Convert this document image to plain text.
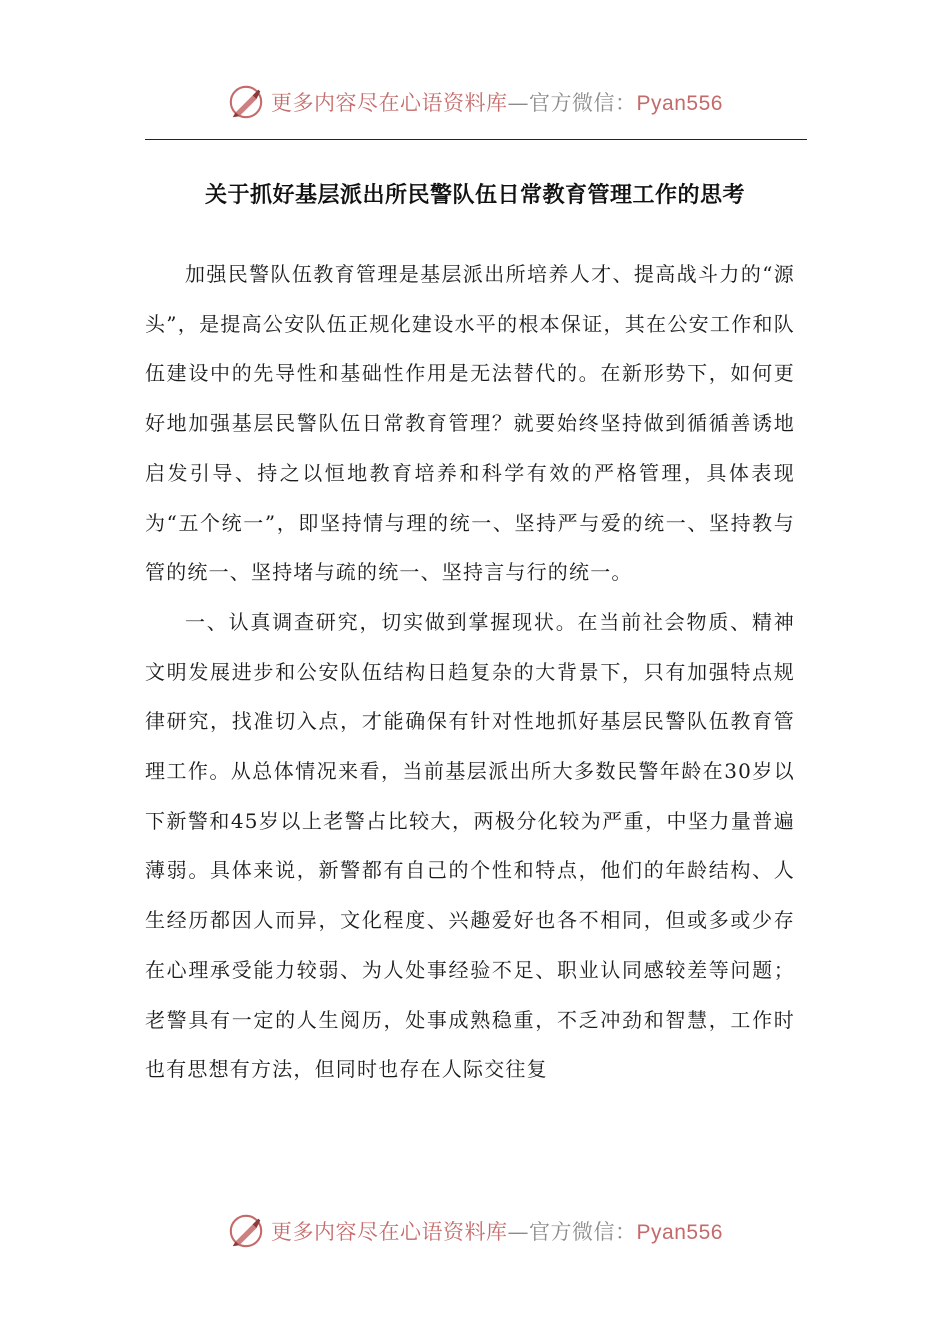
更多内容尽在心语资料库—官方微信：Pyan556
关于抓好基层派出所民警队伍日常教育管理工作的思考

加强民警队伍教育管理是基层派出所培养人才、提高战斗力的“源头”，是提高公安队伍正规化建设水平的根本保证，其在公安工作和队伍建设中的先导性和基础性作用是无法替代的。在新形势下，如何更好地加强基层民警队伍日常教育管理？就要始终坚持做到循循善诱地启发引导、持之以恒地教育培养和科学有效的严格管理，具体表现为“五个统一”，即坚持情与理的统一、坚持严与爱的统一、坚持教与管的统一、坚持堵与疏的统一、坚持言与行的统一。

一、认真调查研究，切实做到掌握现状。在当前社会物质、精神文明发展进步和公安队伍结构日趋复杂的大背景下，只有加强特点规律研究，找准切入点，才能确保有针对性地抓好基层民警队伍教育管理工作。从总体情况来看，当前基层派出所大多数民警年龄在30岁以下新警和45岁以上老警占比较大，两极分化较为严重，中坚力量普遍薄弱。具体来说，新警都有自己的个性和特点，他们的年龄结构、人生经历都因人而异，文化程度、兴趣爱好也各不相同，但或多或少存在心理承受能力较弱、为人处事经验不足、职业认同感较差等问题；老警具有一定的人生阅历，处事成熟稳重，不乏冲劲和智慧，工作时也有思想有方法，但同时也存在人际交往复

更多内容尽在心语资料库—官方微信：Pyan556
